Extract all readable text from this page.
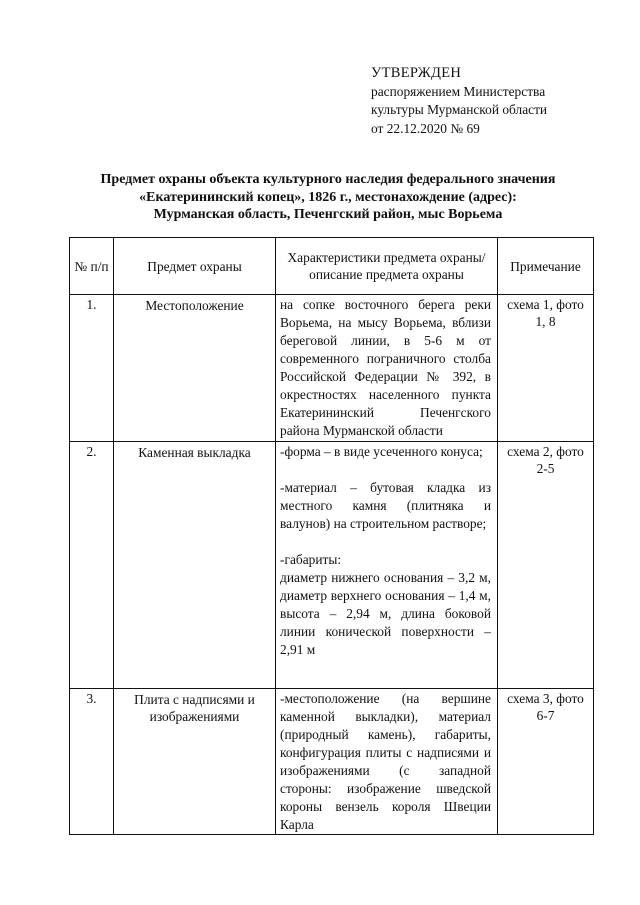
УТВЕРЖДЕН
распоряжением Министерства
культуры Мурманской области
от 22.12.2020 № 69
Предмет охраны объекта культурного наследия федерального значения
«Екатерининский копец», 1826 г., местонахождение (адрес):
Мурманская область, Печенгский район, мыс Ворьема
№ п/п	Предмет охраны	Характеристики предмета охраны/описание предмета охраны	Примечание
1.	Местоположение	на сопке восточного берега реки Ворьема, на мысу Ворьема, вблизи береговой линии, в 5-6 м от современного пограничного столба Российской Федерации № 392, в окрестностях населенного пункта Екатерининский Печенгского района Мурманской области	схема 1, фото 1, 8
2.	Каменная выкладка	-форма – в виде усеченного конуса;
-материал – бутовая кладка из местного камня (плитняка и валунов) на строительном растворе;
-габариты:
диаметр нижнего основания – 3,2 м, диаметр верхнего основания – 1,4 м, высота – 2,94 м, длина боковой линии конической поверхности – 2,91 м	схема 2, фото 2-5
3.	Плита с надписями и изображениями	-местоположение (на вершине каменной выкладки), материал (природный камень), габариты, конфигурация плиты с надписями и изображениями (с западной стороны: изображение шведской короны вензель короля Швеции Карла	схема 3, фото 6-7
